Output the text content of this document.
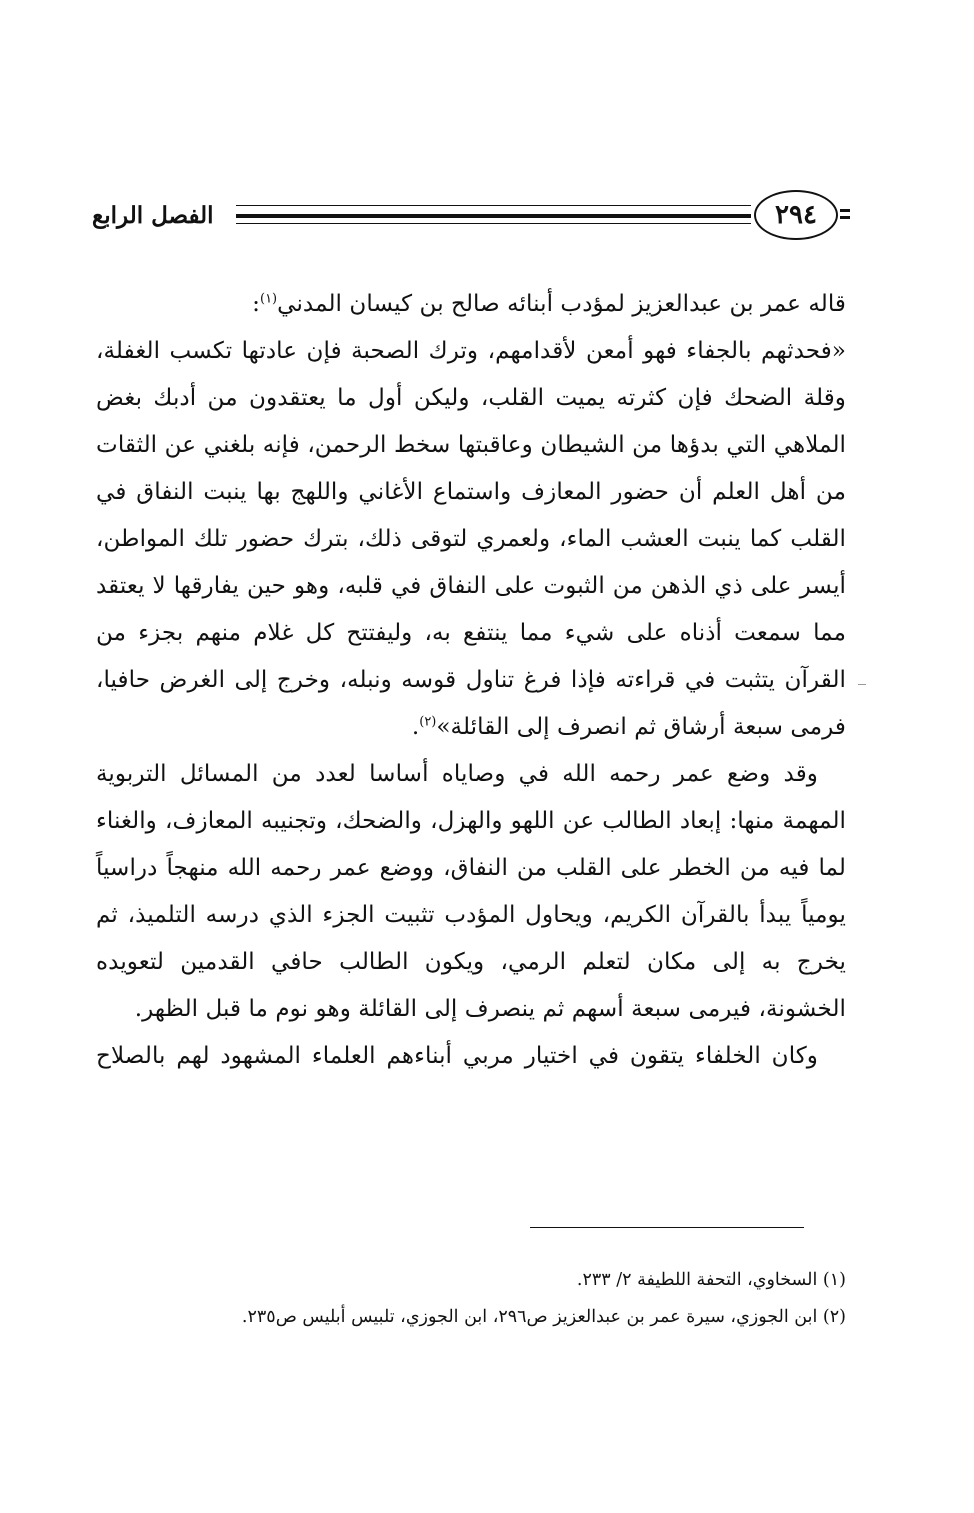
الفصل الرابع	٢٩٤

قاله عمر بن عبدالعزيز لمؤدب أبنائه صالح بن كيسان المدني$^{(١)}$:

«فحدثهم بالجفاء فهو أمعن لأقدامهم، وترك الصحبة فإن عادتها تكسب الغفلة، وقلة الضحك فإن كثرته يميت القلب، وليكن أول ما يعتقدون من أدبك بغض الملاهي التي بدؤها من الشيطان وعاقبتها سخط الرحمن، فإنه بلغني عن الثقات من أهل العلم أن حضور المعازف واستماع الأغاني واللهج بها ينبت النفاق في القلب كما ينبت العشب الماء، ولعمري لتوقى ذلك، بترك حضور تلك المواطن، أيسر على ذي الذهن من الثبوت على النفاق في قلبه، وهو حين يفارقها لا يعتقد مما سمعت أذناه على شيء مما ينتفع به، وليفتتح كل غلام منهم بجزء من القرآن يتثبت في قراءته فإذا فرغ تناول قوسه ونبله، وخرج إلى الغرض حافيا، فرمى سبعة أرشاق ثم انصرف إلى القائلة»$^{(٢)}$.

وقد وضع عمر رحمه الله في وصاياه أساسا لعدد من المسائل التربوية المهمة منها: إبعاد الطالب عن اللهو والهزل، والضحك، وتجنيبه المعازف، والغناء لما فيه من الخطر على القلب من النفاق، ووضع عمر رحمه الله منهجاً دراسياً يومياً يبدأ بالقرآن الكريم، ويحاول المؤدب تثبيت الجزء الذي درسه التلميذ، ثم يخرج به إلى مكان لتعلم الرمي، ويكون الطالب حافي القدمين لتعويده الخشونة، فيرمى سبعة أسهم ثم ينصرف إلى القائلة وهو نوم ما قبل الظهر.

وكان الخلفاء يتقون في اختيار مربي أبناءهم العلماء المشهود لهم بالصلاح

(١) السخاوي، التحفة اللطيفة ٢/ ٢٣٣.
(٢) ابن الجوزي، سيرة عمر بن عبدالعزيز ص٢٩٦، ابن الجوزي، تلبيس أبليس ص٢٣٥.
